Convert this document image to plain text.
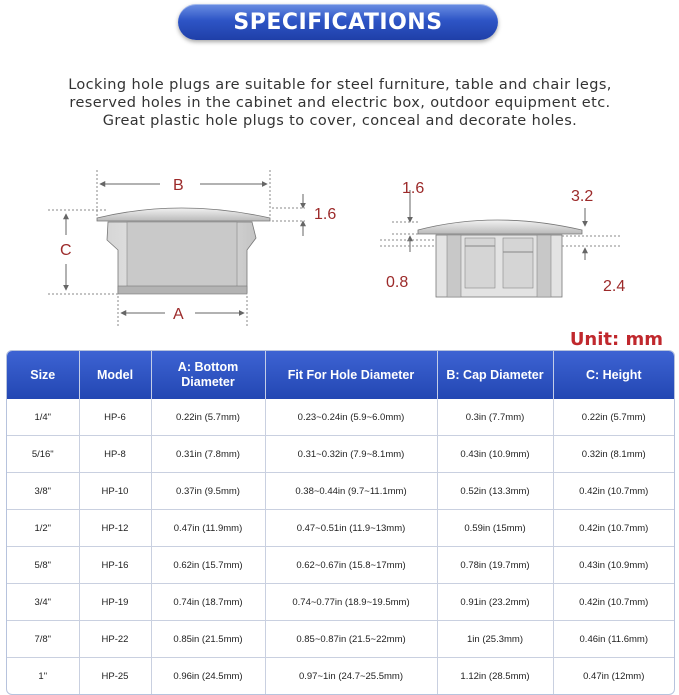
SPECIFICATIONS

Locking hole plugs are suitable for steel furniture, table and chair legs,

reserved holes in the cabinet and electric box, outdoor equipment etc.

Great plastic hole plugs to cover, conceal and decorate holes.

B
C
A
1.6
1.6	3.2
0.8	2.4
Unit: mm
Size	Model	A: Bottom Diameter	Fit For Hole Diameter	B: Cap Diameter	C: Height
1/4"	HP-6	0.22in (5.7mm)	0.23~0.24in (5.9~6.0mm)	0.3in (7.7mm)	0.22in (5.7mm)
5/16"	HP-8	0.31in (7.8mm)	0.31~0.32in (7.9~8.1mm)	0.43in (10.9mm)	0.32in (8.1mm)
3/8"	HP-10	0.37in (9.5mm)	0.38~0.44in (9.7~11.1mm)	0.52in (13.3mm)	0.42in (10.7mm)
1/2"	HP-12	0.47in (11.9mm)	0.47~0.51in (11.9~13mm)	0.59in (15mm)	0.42in (10.7mm)
5/8"	HP-16	0.62in (15.7mm)	0.62~0.67in (15.8~17mm)	0.78in (19.7mm)	0.43in (10.9mm)
3/4"	HP-19	0.74in (18.7mm)	0.74~0.77in (18.9~19.5mm)	0.91in (23.2mm)	0.42in (10.7mm)
7/8"	HP-22	0.85in (21.5mm)	0.85~0.87in (21.5~22mm)	1in (25.3mm)	0.46in (11.6mm)
1"	HP-25	0.96in (24.5mm)	0.97~1in (24.7~25.5mm)	1.12in (28.5mm)	0.47in (12mm)
